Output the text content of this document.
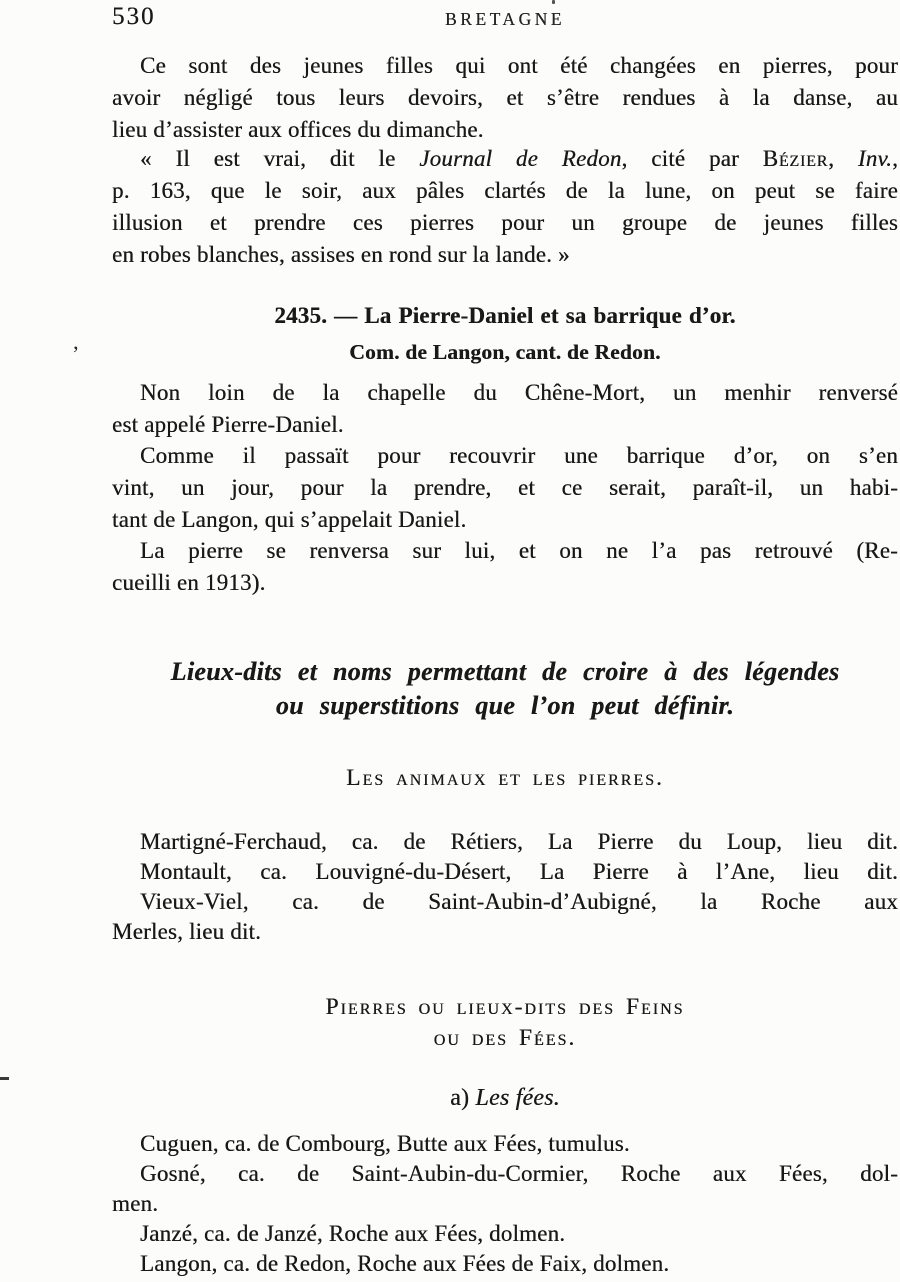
530	BRETAGNE
Ce sont des jeunes filles qui ont été changées en pierres, pour
avoir négligé tous leurs devoirs, et s’être rendues à la danse, au
lieu d’assister aux offices du dimanche.
« Il est vrai, dit le Journal de Redon, cité par Bézier, Inv.,
p. 163, que le soir, aux pâles clartés de la lune, on peut se faire
illusion et prendre ces pierres pour un groupe de jeunes filles
en robes blanches, assises en rond sur la lande. »
2435. — La Pierre-Daniel et sa barrique d’or.
Com. de Langon, cant. de Redon.
Non loin de la chapelle du Chêne-Mort, un menhir renversé
est appelé Pierre-Daniel.
Comme il passaït pour recouvrir une barrique d’or, on s’en
vint, un jour, pour la prendre, et ce serait, paraît-il, un habi-
tant de Langon, qui s’appelait Daniel.
La pierre se renversa sur lui, et on ne l’a pas retrouvé (Re-
cueilli en 1913).
Lieux-dits et noms permettant de croire à des légendes
ou superstitions que l’on peut définir.
Les animaux et les pierres.
Martigné-Ferchaud, ca. de Rétiers, La Pierre du Loup, lieu dit.
Montault, ca. Louvigné-du-Désert, La Pierre à l’Ane, lieu dit.
Vieux-Viel, ca. de Saint-Aubin-d’Aubigné, la Roche aux
Merles, lieu dit.
Pierres ou lieux-dits des Feins
ou des Fées.
a) Les fées.
Cuguen, ca. de Combourg, Butte aux Fées, tumulus.
Gosné, ca. de Saint-Aubin-du-Cormier, Roche aux Fées, dol-
men.
Janzé, ca. de Janzé, Roche aux Fées, dolmen.
Langon, ca. de Redon, Roche aux Fées de Faix, dolmen.
’
